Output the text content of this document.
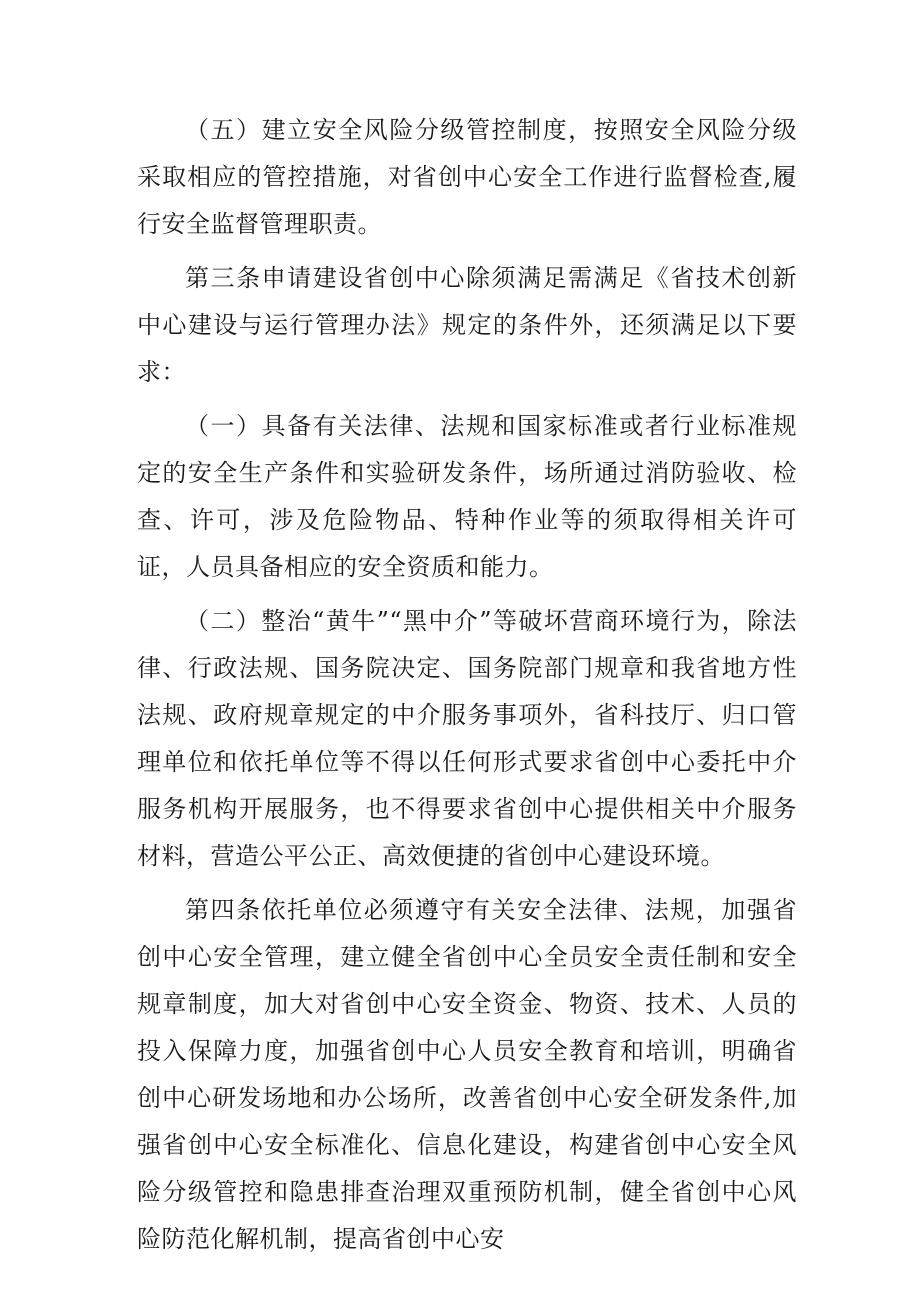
（五）建立安全风险分级管控制度，按照安全风险分级采取相应的管控措施，对省创中心安全工作进行监督检查,履行安全监督管理职责。

第三条申请建设省创中心除须满足需满足《省技术创新中心建设与运行管理办法》规定的条件外，还须满足以下要求：

（一）具备有关法律、法规和国家标准或者行业标准规定的安全生产条件和实验研发条件，场所通过消防验收、检查、许可，涉及危险物品、特种作业等的须取得相关许可证，人员具备相应的安全资质和能力。

（二）整治“黄牛”“黑中介”等破坏营商环境行为，除法律、行政法规、国务院决定、国务院部门规章和我省地方性法规、政府规章规定的中介服务事项外，省科技厅、归口管理单位和依托单位等不得以任何形式要求省创中心委托中介服务机构开展服务，也不得要求省创中心提供相关中介服务材料，营造公平公正、高效便捷的省创中心建设环境。

第四条依托单位必须遵守有关安全法律、法规，加强省创中心安全管理，建立健全省创中心全员安全责任制和安全规章制度，加大对省创中心安全资金、物资、技术、人员的投入保障力度，加强省创中心人员安全教育和培训，明确省创中心研发场地和办公场所，改善省创中心安全研发条件,加强省创中心安全标准化、信息化建设，构建省创中心安全风险分级管控和隐患排查治理双重预防机制，健全省创中心风险防范化解机制，提高省创中心安
